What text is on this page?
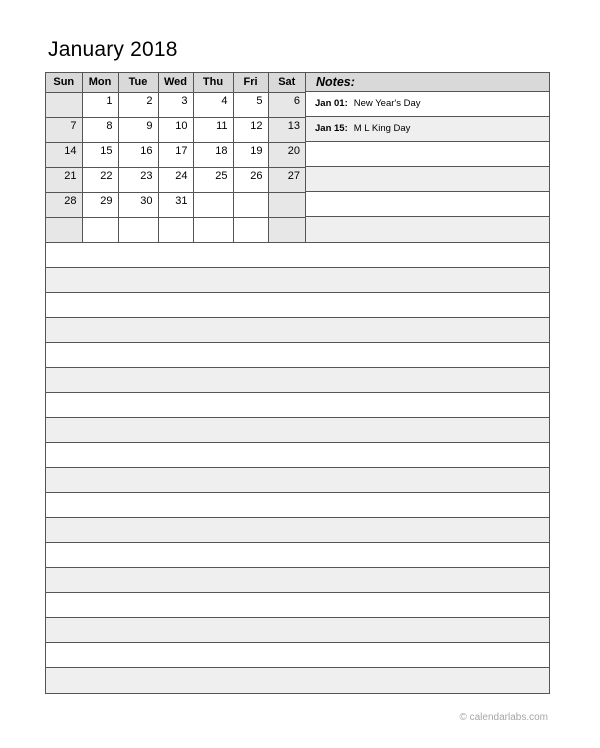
January 2018
Sun	Mon	Tue	Wed	Thu	Fri	Sat
	1	2	3	4	5	6
7	8	9	10	11	12	13
14	15	16	17	18	19	20
21	22	23	24	25	26	27
28	29	30	31			

Notes:
Jan 01: New Year's Day
Jan 15: M L King Day
© calendarlabs.com
